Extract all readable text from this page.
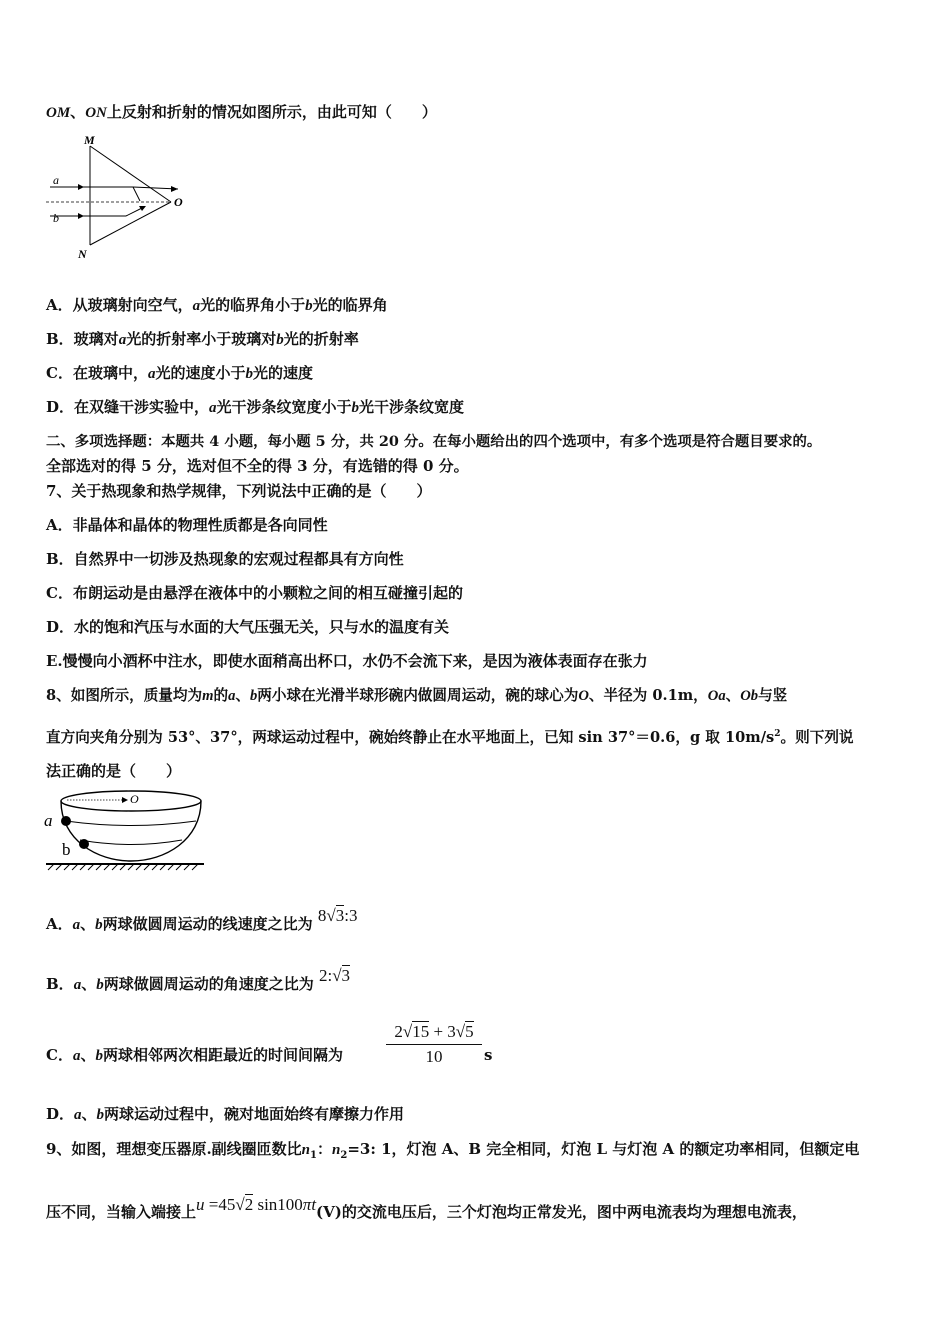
OM、ON上反射和折射的情况如图所示，由此可知（　　）
M
N
O
a
b
A．从玻璃射向空气，a光的临界角小于b光的临界角
B．玻璃对a光的折射率小于玻璃对b光的折射率
C．在玻璃中，a光的速度小于b光的速度
D．在双缝干涉实验中，a光干涉条纹宽度小于b光干涉条纹宽度
二、多项选择题：本题共 4 小题，每小题 5 分，共 20 分。在每小题给出的四个选项中，有多个选项是符合题目要求的。
全部选对的得 5 分，选对但不全的得 3 分，有选错的得 0 分。
7、关于热现象和热学规律，下列说法中正确的是（　　）
A．非晶体和晶体的物理性质都是各向同性
B．自然界中一切涉及热现象的宏观过程都具有方向性
C．布朗运动是由悬浮在液体中的小颗粒之间的相互碰撞引起的
D．水的饱和汽压与水面的大气压强无关，只与水的温度有关
E.慢慢向小酒杯中注水，即使水面稍高出杯口，水仍不会流下来，是因为液体表面存在张力
8、如图所示，质量均为m的a、b两小球在光滑半球形碗内做圆周运动，碗的球心为O、半径为 0.1m，Oa、Ob与竖
直方向夹角分别为 53°、37°，两球运动过程中，碗始终静止在水平地面上，已知 sin 37°＝0.6，g 取 $10m/s^2$。则下列说
法正确的是（　　）
O
a
b
A．a、b两球做圆周运动的线速度之比为 8√3:3
B．a、b两球做圆周运动的角速度之比为 2:√3
C．a、b两球相邻两次相距最近的时间间隔为	$\frac{2√15 + 3√5}{10}$ s
D．a、b两球运动过程中，碗对地面始终有摩擦力作用
9、如图，理想变压器原.副线圈匝数比$n_1$：$n_2=3$: 1，灯泡 A、B 完全相同，灯泡 L 与灯泡 A 的额定功率相同，但额定电
压不同，当输入端接上u =45√2 sin100πt(V)的交流电压后，三个灯泡均正常发光，图中两电流表均为理想电流表，
